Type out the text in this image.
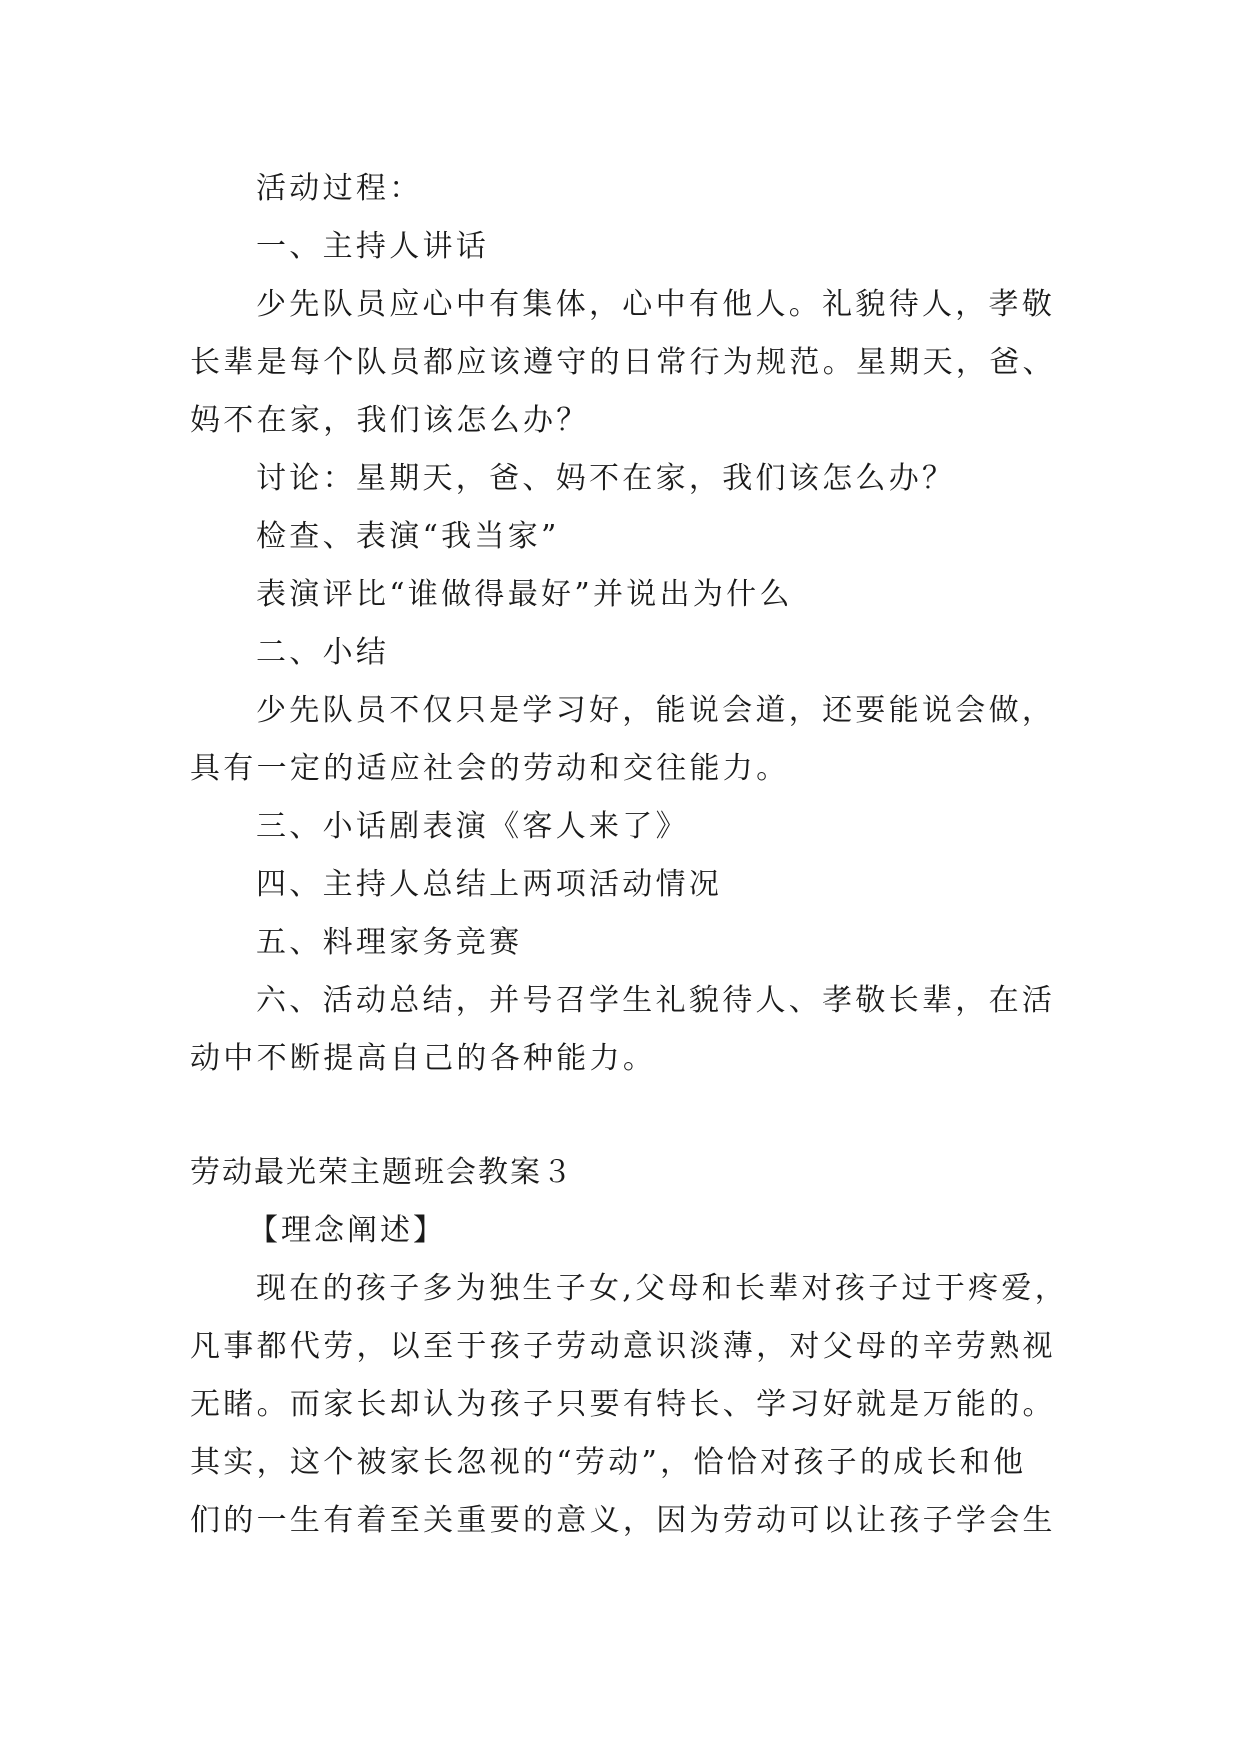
活动过程：
一、主持人讲话
少先队员应心中有集体，心中有他人。礼貌待人，孝敬
长辈是每个队员都应该遵守的日常行为规范。星期天，爸、
妈不在家，我们该怎么办？
讨论：星期天，爸、妈不在家，我们该怎么办？
检查、表演“我当家”
表演评比“谁做得最好”并说出为什么
二、小结
少先队员不仅只是学习好，能说会道，还要能说会做，
具有一定的适应社会的劳动和交往能力。
三、小话剧表演《客人来了》
四、主持人总结上两项活动情况
五、料理家务竞赛
六、活动总结，并号召学生礼貌待人、孝敬长辈，在活
动中不断提高自己的各种能力。
劳动最光荣主题班会教案３
【理念阐述】
现在的孩子多为独生子女,父母和长辈对孩子过于疼爱，
凡事都代劳，以至于孩子劳动意识淡薄，对父母的辛劳熟视
无睹。而家长却认为孩子只要有特长、学习好就是万能的。
其实，这个被家长忽视的“劳动”，恰恰对孩子的成长和他
们的一生有着至关重要的意义，因为劳动可以让孩子学会生
